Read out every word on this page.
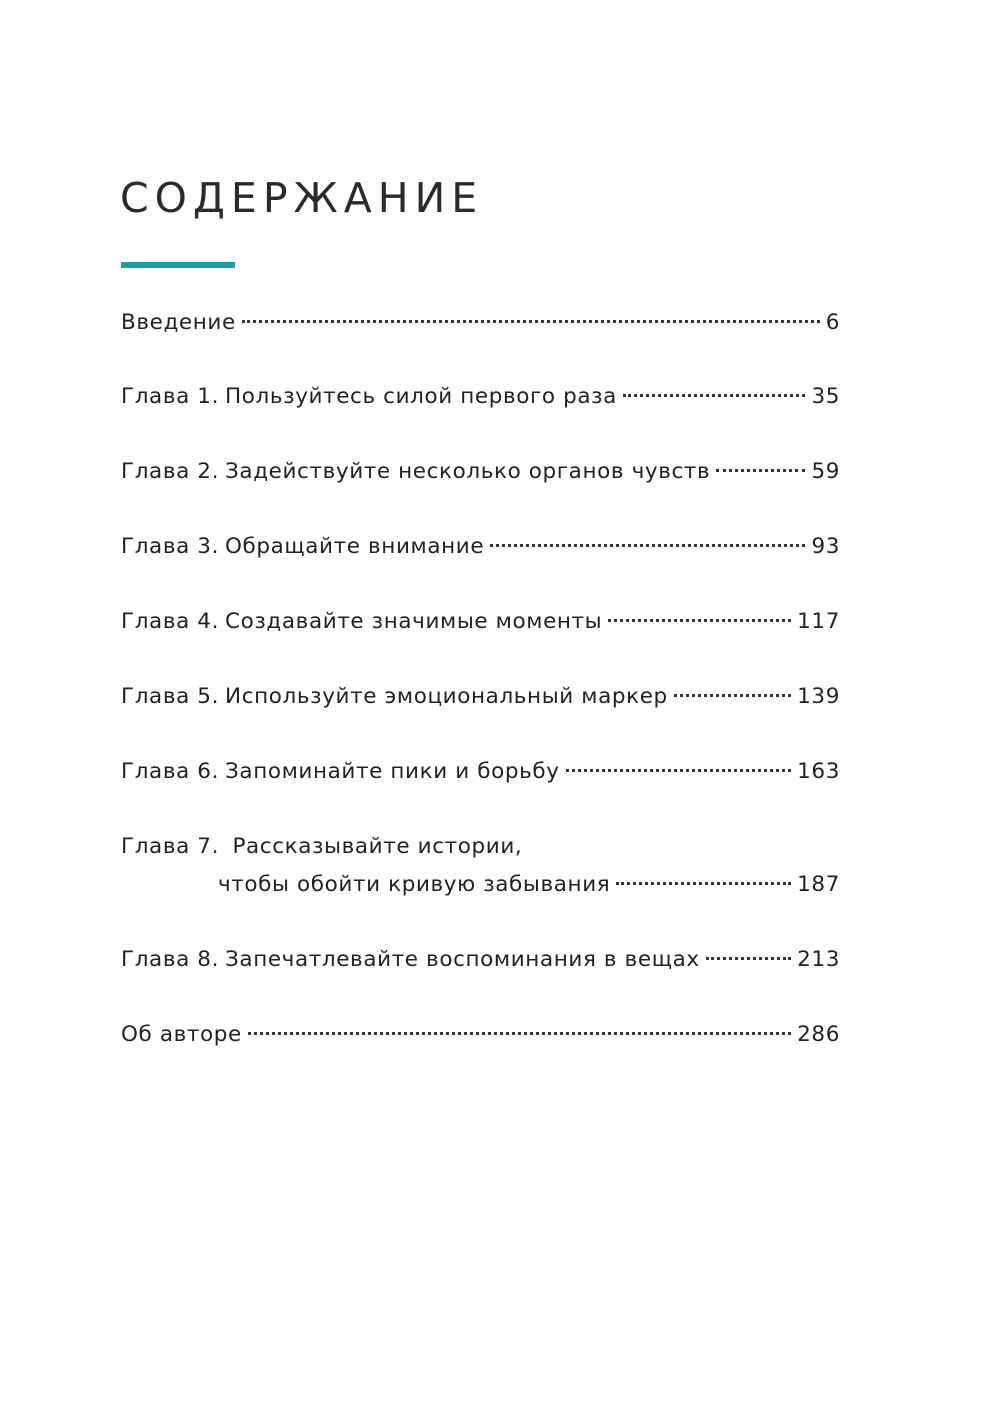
СОДЕРЖАНИЕ
Введение	6
Глава 1. Пользуйтесь силой первого раза	35
Глава 2. Задействуйте несколько органов чувств	59
Глава 3. Обращайте внимание	93
Глава 4. Создавайте значимые моменты	117
Глава 5. Используйте эмоциональный маркер	139
Глава 6. Запоминайте пики и борьбу	163
Глава 7. Рассказывайте истории,
чтобы обойти кривую забывания	187
Глава 8. Запечатлевайте воспоминания в вещах	213
Об авторе	286
